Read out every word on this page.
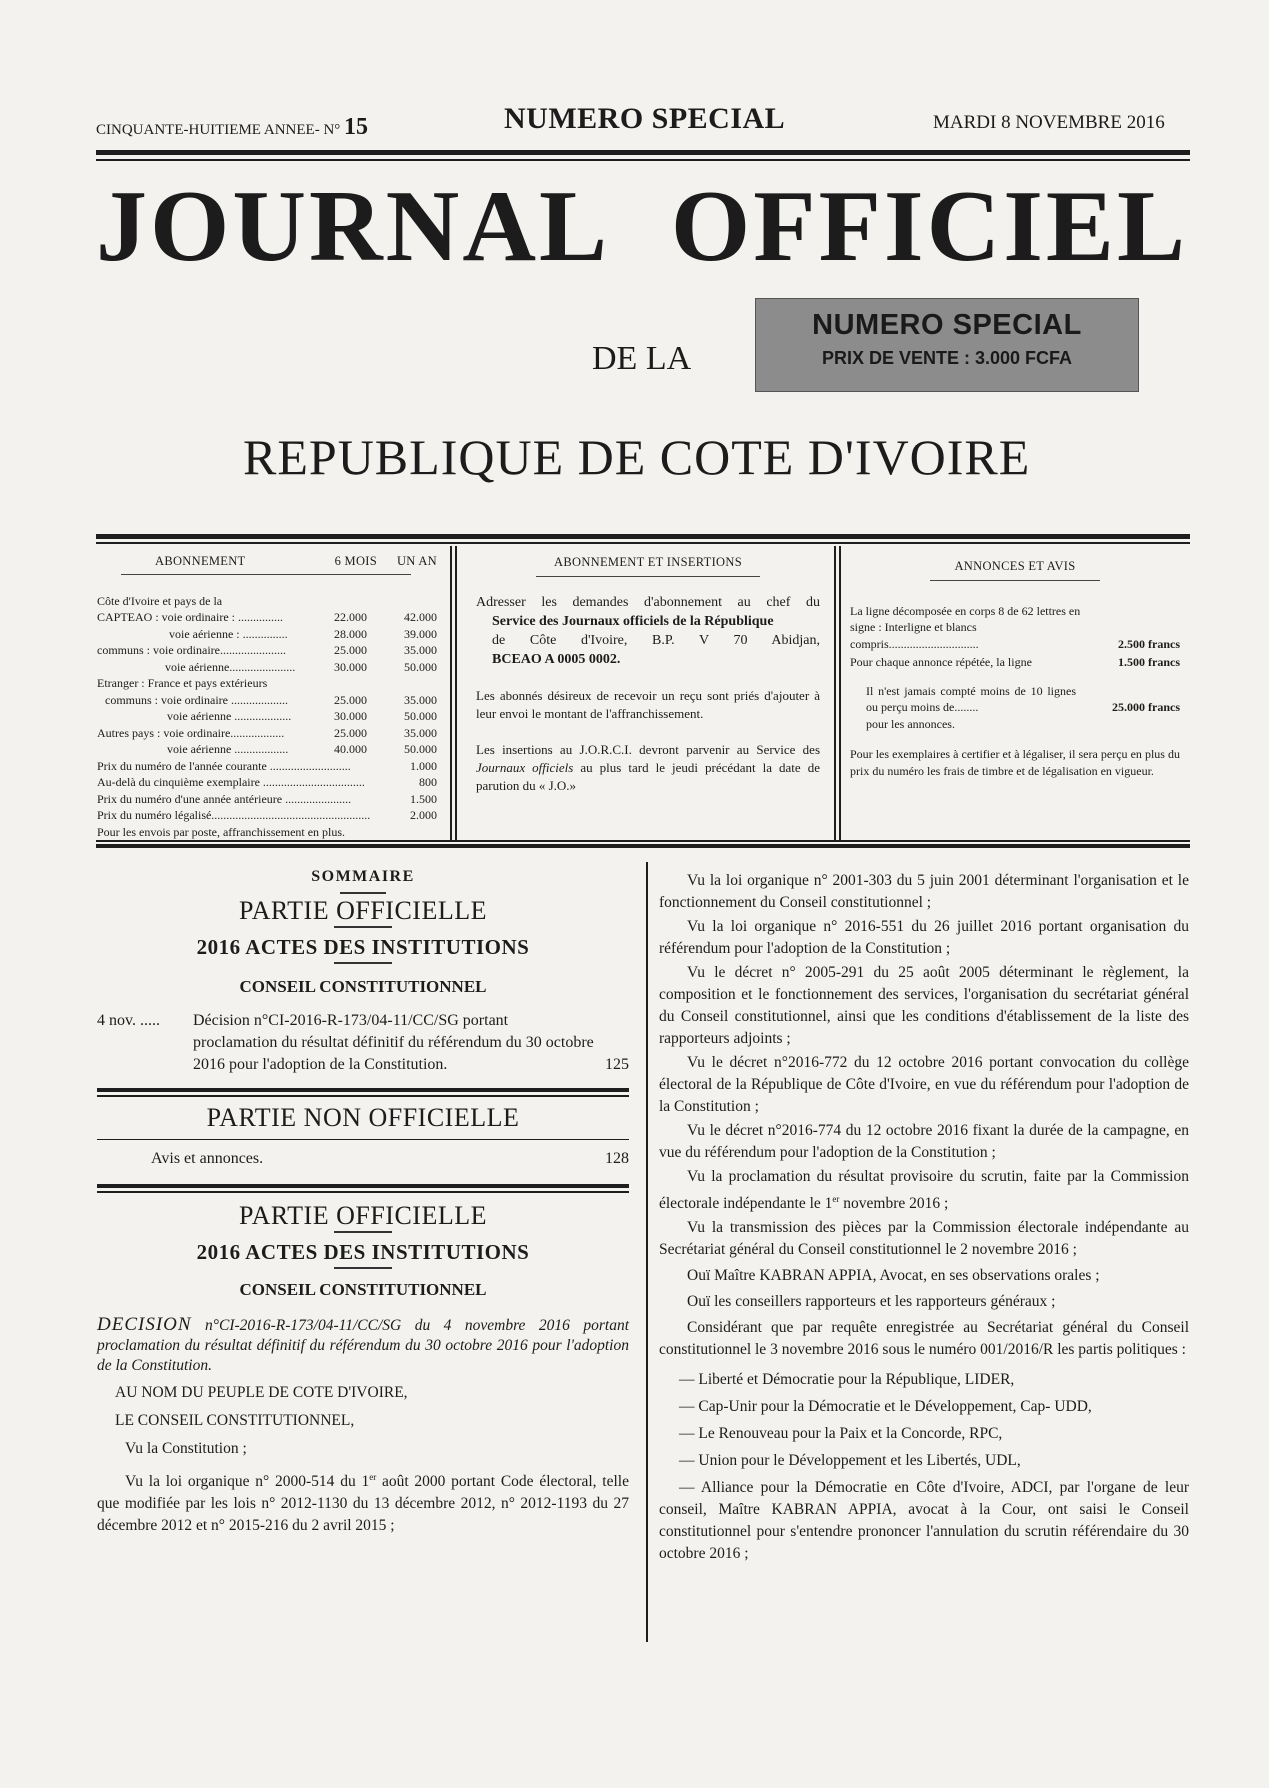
CINQUANTE-HUITIEME ANNEE- N° 15	NUMERO SPECIAL	MARDI 8 NOVEMBRE 2016
JOURNAL OFFICIEL
DE LA
NUMERO SPECIAL
PRIX DE VENTE : 3.000 FCFA
REPUBLIQUE DE COTE D'IVOIRE
ABONNEMENT	6 MOIS	UN AN
Côte d'Ivoire et pays de la
CAPTEAO : voie ordinaire : ...............	22.000	42.000
voie aérienne : ...............	28.000	39.000
communs : voie ordinaire......................	25.000	35.000
voie aérienne......................	30.000	50.000
Etranger : France et pays extérieurs
communs : voie ordinaire ...................	25.000	35.000
voie aérienne ...................	30.000	50.000
Autres pays : voie ordinaire..................	25.000	35.000
voie aérienne ..................	40.000	50.000
Prix du numéro de l'année courante ...........................	1.000
Au-delà du cinquième exemplaire ..................................	800
Prix du numéro d'une année antérieure ......................	1.500
Prix du numéro légalisé.....................................................	2.000
Pour les envois par poste, affranchissement en plus.
ABONNEMENT ET INSERTIONS
Adresser les demandes d'abonnement au chef du
Service des Journaux officiels de la République
de Côte d'Ivoire, B.P. V 70 Abidjan,
BCEAO A 0005 0002.
Les abonnés désireux de recevoir un reçu sont priés d'ajouter à leur envoi le montant de l'affranchissement.
Les insertions au J.O.R.C.I. devront parvenir au Service des Journaux officiels au plus tard le jeudi précédant la date de parution du « J.O.»
ANNONCES ET AVIS
La ligne décomposée en corps 8 de 62 lettres en signe : Interligne et blancs compris..............................	2.500 francs
Pour chaque annonce répétée, la ligne	1.500 francs
Il n'est jamais compté moins de 10 lignes ou perçu moins de........	25.000 francs
pour les annonces.
Pour les exemplaires à certifier et à légaliser, il sera perçu en plus du prix du numéro les frais de timbre et de légalisation en vigueur.
SOMMAIRE
PARTIE OFFICIELLE
2016 ACTES DES INSTITUTIONS
CONSEIL CONSTITUTIONNEL
4 nov. .....	Décision n°CI-2016-R-173/04-11/CC/SG portant proclamation du résultat définitif du référendum du 30 octobre 2016 pour l'adoption de la Constitution.	125
PARTIE NON OFFICIELLE
Avis et annonces.	128
PARTIE OFFICIELLE
2016 ACTES DES INSTITUTIONS
CONSEIL CONSTITUTIONNEL
DECISION n°CI-2016-R-173/04-11/CC/SG du 4 novembre 2016 portant proclamation du résultat définitif du référendum du 30 octobre 2016 pour l'adoption de la Constitution.
AU NOM DU PEUPLE DE COTE D'IVOIRE,
LE CONSEIL CONSTITUTIONNEL,
Vu la Constitution ;
Vu la loi organique n° 2000-514 du 1er août 2000 portant Code électoral, telle que modifiée par les lois n° 2012-1130 du 13 décembre 2012, n° 2012-1193 du 27 décembre 2012 et n° 2015-216 du 2 avril 2015 ;
Vu la loi organique n° 2001-303 du 5 juin 2001 déterminant l'organisation et le fonctionnement du Conseil constitutionnel ;
Vu la loi organique n° 2016-551 du 26 juillet 2016 portant organisation du référendum pour l'adoption de la Constitution ;
Vu le décret n° 2005-291 du 25 août 2005 déterminant le règlement, la composition et le fonctionnement des services, l'organisation du secrétariat général du Conseil constitutionnel, ainsi que les conditions d'établissement de la liste des rapporteurs adjoints ;
Vu le décret n°2016-772 du 12 octobre 2016 portant convocation du collège électoral de la République de Côte d'Ivoire, en vue du référendum pour l'adoption de la Constitution ;
Vu le décret n°2016-774 du 12 octobre 2016 fixant la durée de la campagne, en vue du référendum pour l'adoption de la Constitution ;
Vu la proclamation du résultat provisoire du scrutin, faite par la Commission électorale indépendante le 1er novembre 2016 ;
Vu la transmission des pièces par la Commission électorale indépendante au Secrétariat général du Conseil constitutionnel le 2 novembre 2016 ;
Ouï Maître KABRAN APPIA, Avocat, en ses observations orales ;
Ouï les conseillers rapporteurs et les rapporteurs généraux ;
Considérant que par requête enregistrée au Secrétariat général du Conseil constitutionnel le 3 novembre 2016 sous le numéro 001/2016/R les partis politiques :
— Liberté et Démocratie pour la République, LIDER,
— Cap-Unir pour la Démocratie et le Développement, Cap- UDD,
— Le Renouveau pour la Paix et la Concorde, RPC,
— Union pour le Développement et les Libertés, UDL,
— Alliance pour la Démocratie en Côte d'Ivoire, ADCI, par l'organe de leur conseil, Maître KABRAN APPIA, avocat à la Cour, ont saisi le Conseil constitutionnel pour s'entendre prononcer l'annulation du scrutin référendaire du 30 octobre 2016 ;
